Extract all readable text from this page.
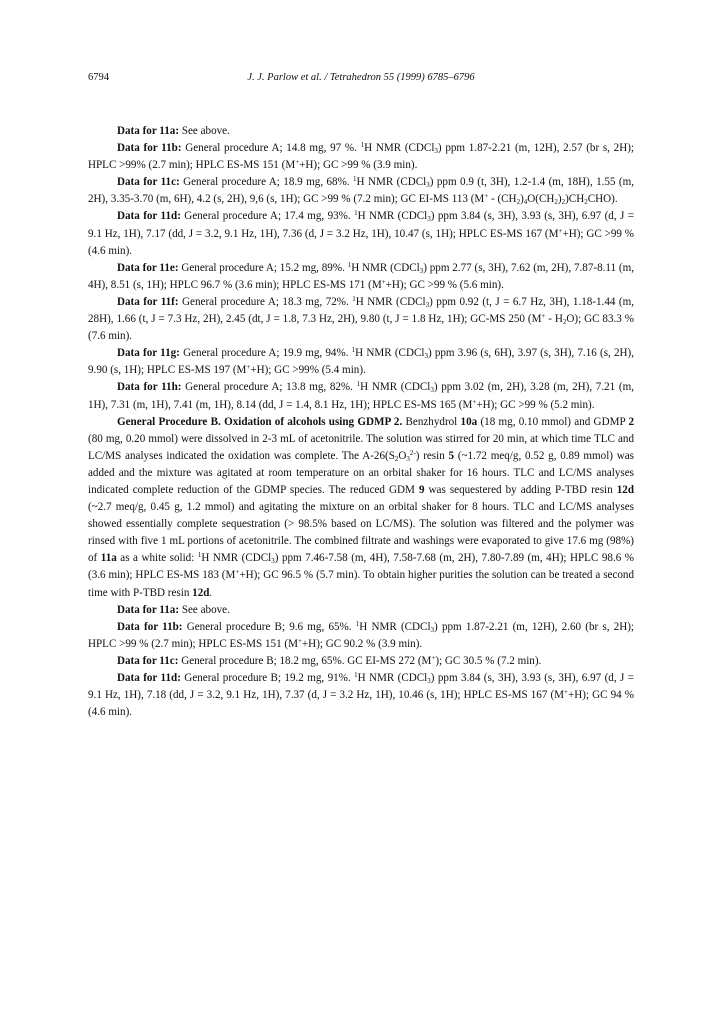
6794	J. J. Parlow et al. / Tetrahedron 55 (1999) 6785–6796

Data for 11a: See above.

Data for 11b: General procedure A; 14.8 mg, 97 %. $^1$H NMR (CDCl$_3$) ppm 1.87-2.21 (m, 12H), 2.57 (br s, 2H); HPLC >99% (2.7 min); HPLC ES-MS 151 (M++H); GC >99 % (3.9 min).

Data for 11c: General procedure A; 18.9 mg, 68%. $^1$H NMR (CDCl$_3$) ppm 0.9 (t, 3H), 1.2-1.4 (m, 18H), 1.55 (m, 2H), 3.35-3.70 (m, 6H), 4.2 (s, 2H), 9,6 (s, 1H); GC >99 % (7.2 min); GC EI-MS 113 $(M^+ - (CH_2)_4O(CH_2)_2)CH_2CHO$).

Data for 11d: General procedure A; 17.4 mg, 93%. $^1$H NMR (CDCl$_3$) ppm 3.84 (s, 3H), 3.93 (s, 3H), 6.97 (d, J = 9.1 Hz, 1H), 7.17 (dd, J = 3.2, 9.1 Hz, 1H), 7.36 (d, J = 3.2 Hz, 1H), 10.47 (s, 1H); HPLC ES-MS 167 (M++H); GC >99 % (4.6 min).

Data for 11e: General procedure A; 15.2 mg, 89%. $^1$H NMR (CDCl$_3$) ppm 2.77 (s, 3H), 7.62 (m, 2H), 7.87-8.11 (m, 4H), 8.51 (s, 1H); HPLC 96.7 % (3.6 min); HPLC ES-MS 171 (M++H); GC >99 % (5.6 min).

Data for 11f: General procedure A; 18.3 mg, 72%. $^1$H NMR (CDCl$_3$) ppm 0.92 (t, J = 6.7 Hz, 3H), 1.18-1.44 (m, 28H), 1.66 (t, J = 7.3 Hz, 2H), 2.45 (dt, J = 1.8, 7.3 Hz, 2H), 9.80 (t, J = 1.8 Hz, 1H); GC-MS 250 $(M^+ - H_2O)$; GC 83.3 % (7.6 min).

Data for 11g: General procedure A; 19.9 mg, 94%. $^1$H NMR (CDCl$_3$) ppm 3.96 (s, 6H), 3.97 (s, 3H), 7.16 (s, 2H), 9.90 (s, 1H); HPLC ES-MS 197 (M++H); GC >99% (5.4 min).

Data for 11h: General procedure A; 13.8 mg, 82%. $^1$H NMR (CDCl$_3$) ppm 3.02 (m, 2H), 3.28 (m, 2H), 7.21 (m, 1H), 7.31 (m, 1H), 7.41 (m, 1H), 8.14 (dd, J = 1.4, 8.1 Hz, 1H); HPLC ES-MS 165 (M++H); GC >99 % (5.2 min).

General Procedure B. Oxidation of alcohols using GDMP 2. Benzhydrol 10a (18 mg, 0.10 mmol) and GDMP 2 (80 mg, 0.20 mmol) were dissolved in 2-3 mL of acetonitrile. The solution was stirred for 20 min, at which time TLC and LC/MS analyses indicated the oxidation was complete. The $A-26(S_2O_3^{2-})$ resin 5 (~1.72 meq/g, 0.52 g, 0.89 mmol) was added and the mixture was agitated at room temperature on an orbital shaker for 16 hours. TLC and LC/MS analyses indicated complete reduction of the GDMP species. The reduced GDM 9 was sequestered by adding P-TBD resin 12d (~2.7 meq/g, 0.45 g, 1.2 mmol) and agitating the mixture on an orbital shaker for 8 hours. TLC and LC/MS analyses showed essentially complete sequestration (> 98.5% based on LC/MS). The solution was filtered and the polymer was rinsed with five 1 mL portions of acetonitrile. The combined filtrate and washings were evaporated to give 17.6 mg (98%) of 11a as a white solid: $^1$H NMR (CDCl$_3$) ppm 7.46-7.58 (m, 4H), 7.58-7.68 (m, 2H), 7.80-7.89 (m, 4H); HPLC 98.6 % (3.6 min); HPLC ES-MS 183 (M++H); GC 96.5 % (5.7 min). To obtain higher purities the solution can be treated a second time with P-TBD resin 12d.

Data for 11a: See above.

Data for 11b: General procedure B; 9.6 mg, 65%. $^1$H NMR (CDCl$_3$) ppm 1.87-2.21 (m, 12H), 2.60 (br s, 2H); HPLC >99 % (2.7 min); HPLC ES-MS 151 (M++H); GC 90.2 % (3.9 min).

Data for 11c: General procedure B; 18.2 mg, 65%. GC EI-MS 272 (M+); GC 30.5 % (7.2 min).

Data for 11d: General procedure B; 19.2 mg, 91%. $^1$H NMR (CDCl$_3$) ppm 3.84 (s, 3H), 3.93 (s, 3H), 6.97 (d, J = 9.1 Hz, 1H), 7.18 (dd, J = 3.2, 9.1 Hz, 1H), 7.37 (d, J = 3.2 Hz, 1H), 10.46 (s, 1H); HPLC ES-MS 167 (M++H); GC 94 % (4.6 min).
